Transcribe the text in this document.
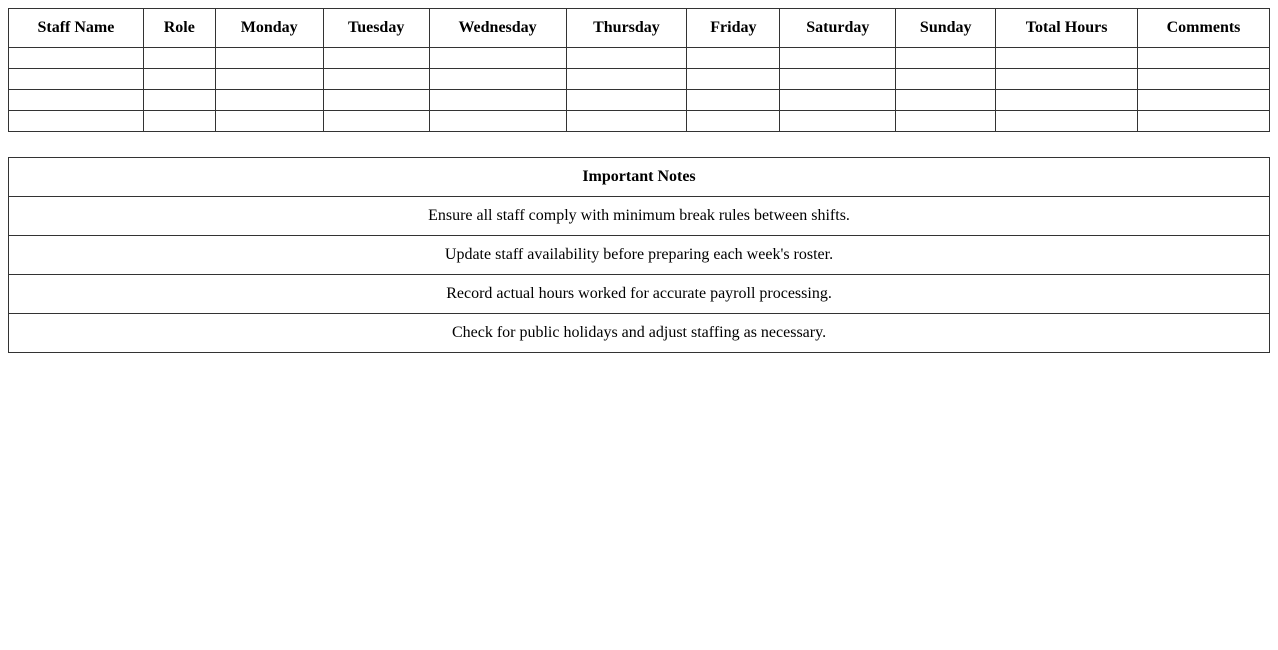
Staff Name	Role	Monday	Tuesday	Wednesday	Thursday	Friday	Saturday	Sunday	Total Hours	Comments

Important Notes
Ensure all staff comply with minimum break rules between shifts.
Update staff availability before preparing each week's roster.
Record actual hours worked for accurate payroll processing.
Check for public holidays and adjust staffing as necessary.
